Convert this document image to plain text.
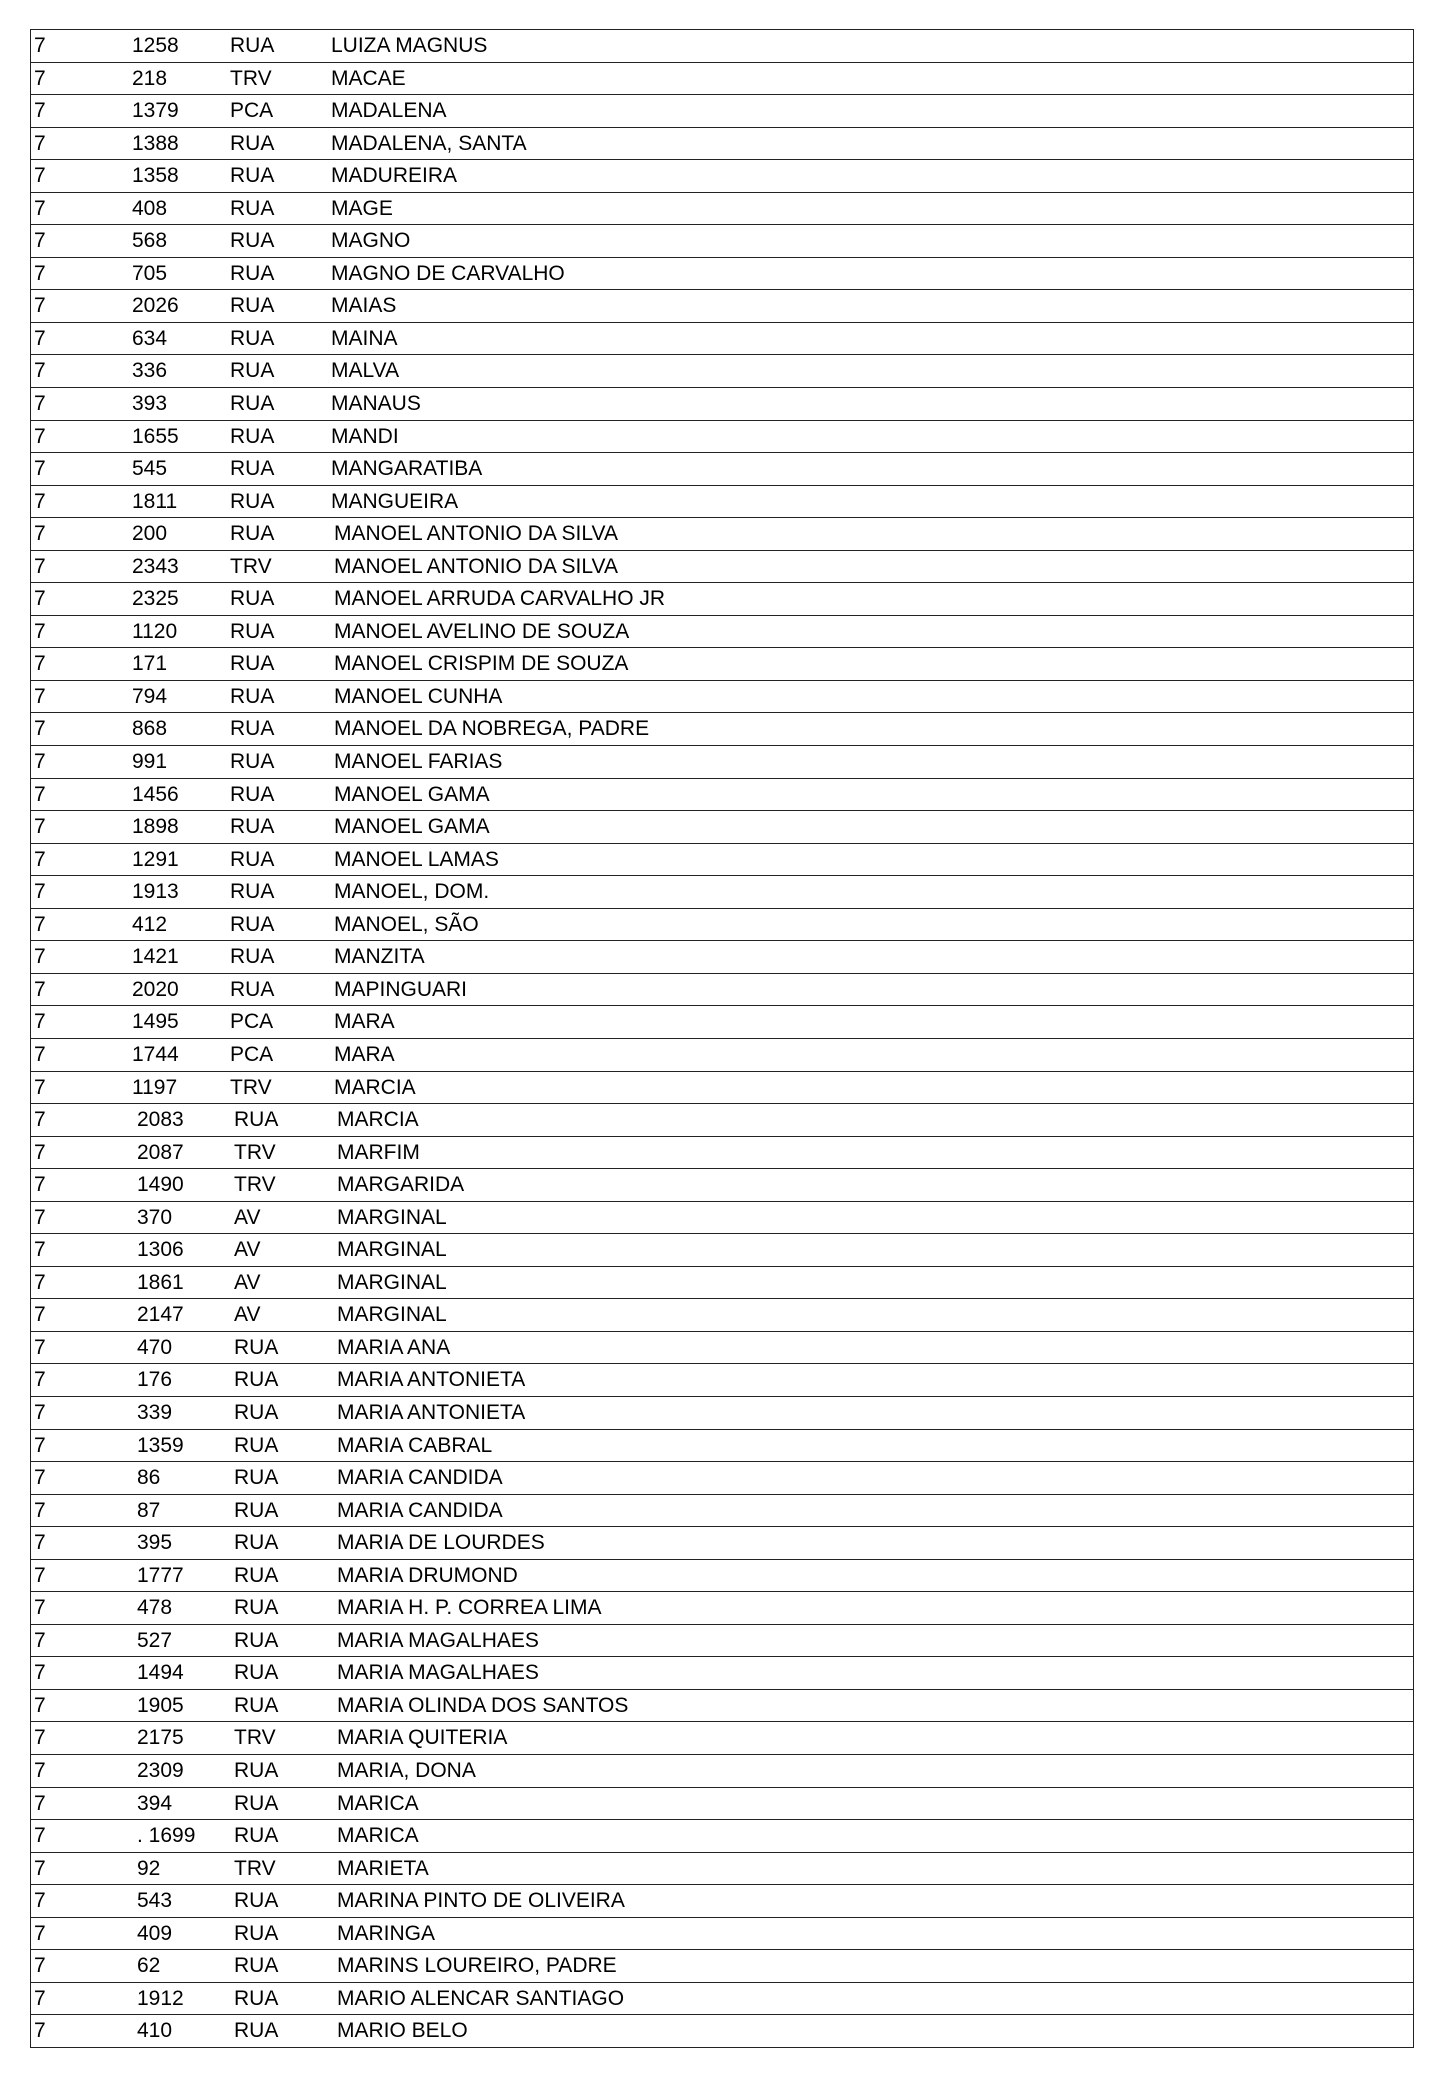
7	1258	RUA	LUIZA MAGNUS
7	218	TRV	MACAE
7	1379	PCA	MADALENA
7	1388	RUA	MADALENA, SANTA
7	1358	RUA	MADUREIRA
7	408	RUA	MAGE
7	568	RUA	MAGNO
7	705	RUA	MAGNO DE CARVALHO
7	2026	RUA	MAIAS
7	634	RUA	MAINA
7	336	RUA	MALVA
7	393	RUA	MANAUS
7	1655	RUA	MANDI
7	545	RUA	MANGARATIBA
7	1811	RUA	MANGUEIRA
7	200	RUA	MANOEL ANTONIO DA SILVA
7	2343	TRV	MANOEL ANTONIO DA SILVA
7	2325	RUA	MANOEL ARRUDA CARVALHO JR
7	1120	RUA	MANOEL AVELINO DE SOUZA
7	171	RUA	MANOEL CRISPIM DE SOUZA
7	794	RUA	MANOEL CUNHA
7	868	RUA	MANOEL DA NOBREGA, PADRE
7	991	RUA	MANOEL FARIAS
7	1456	RUA	MANOEL GAMA
7	1898	RUA	MANOEL GAMA
7	1291	RUA	MANOEL LAMAS
7	1913	RUA	MANOEL, DOM.
7	412	RUA	MANOEL, SÃO
7	1421	RUA	MANZITA
7	2020	RUA	MAPINGUARI
7	1495	PCA	MARA
7	1744	PCA	MARA
7	1197	TRV	MARCIA
7	2083	RUA	MARCIA
7	2087	TRV	MARFIM
7	1490	TRV	MARGARIDA
7	370	AV	MARGINAL
7	1306	AV	MARGINAL
7	1861	AV	MARGINAL
7	2147	AV	MARGINAL
7	470	RUA	MARIA ANA
7	176	RUA	MARIA ANTONIETA
7	339	RUA	MARIA ANTONIETA
7	1359	RUA	MARIA CABRAL
7	86	RUA	MARIA CANDIDA
7	87	RUA	MARIA CANDIDA
7	395	RUA	MARIA DE LOURDES
7	1777	RUA	MARIA DRUMOND
7	478	RUA	MARIA H. P. CORREA LIMA
7	527	RUA	MARIA MAGALHAES
7	1494	RUA	MARIA MAGALHAES
7	1905	RUA	MARIA OLINDA DOS SANTOS
7	2175	TRV	MARIA QUITERIA
7	2309	RUA	MARIA, DONA
7	394	RUA	MARICA
7	. 1699	RUA	MARICA
7	92	TRV	MARIETA
7	543	RUA	MARINA PINTO DE OLIVEIRA
7	409	RUA	MARINGA
7	62	RUA	MARINS LOUREIRO, PADRE
7	1912	RUA	MARIO ALENCAR SANTIAGO
7	410	RUA	MARIO BELO
